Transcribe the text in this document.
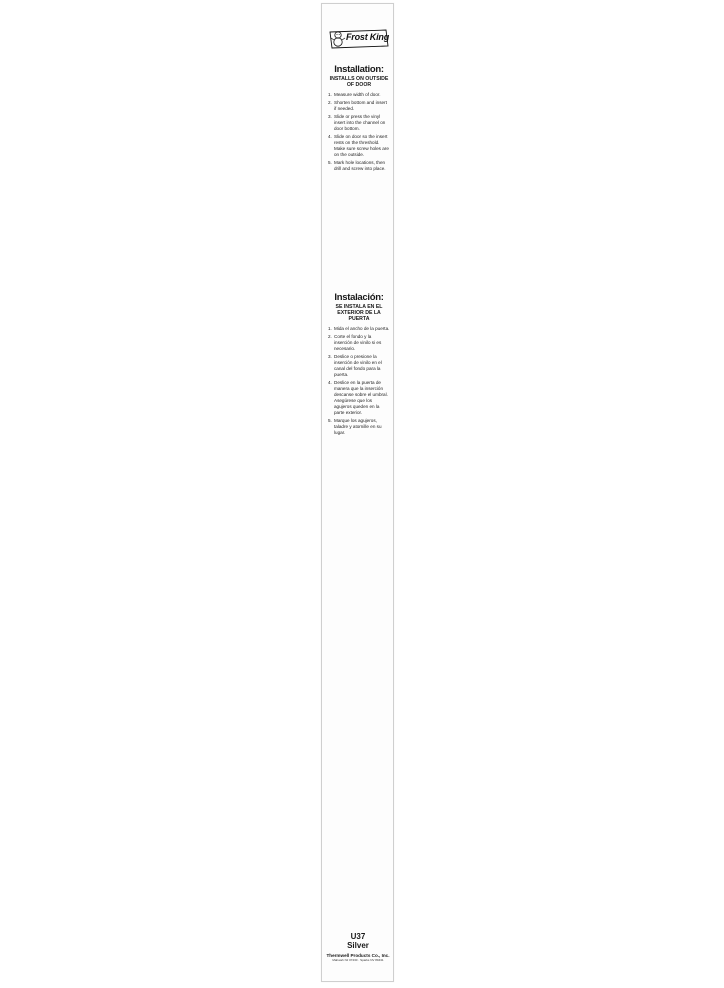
Frost King

Installation:

INSTALLS ON OUTSIDE OF DOOR

1. Measure width of door.
2. Shorten bottom and insert if needed.
3. Slide or press the vinyl insert into the channel on door bottom.
4. Slide on door so the insert rests on the threshold. Make sure screw holes are on the outside.
5. Mark hole locations, then drill and screw into place.

Instalación:

SE INSTALA EN EL EXTERIOR DE LA PUERTA

1. Mida el ancho de la puerta.
2. Corte el fondo y la inserción de vinilo si es necesario.
3. Deslice o presione la inserción de vinilo en el canal del fondo para la puerta.
4. Deslice en la puerta de manera que la inserción descanse sobre el umbral. Asegúrese que los agujeros queden en la parte exterior.
5. Marque los agujeros, taladre y atornille en su lugar.

U37

Silver

Thermwell Products Co., Inc.

Mahwah NJ 07430 · Sparks NV 89431
